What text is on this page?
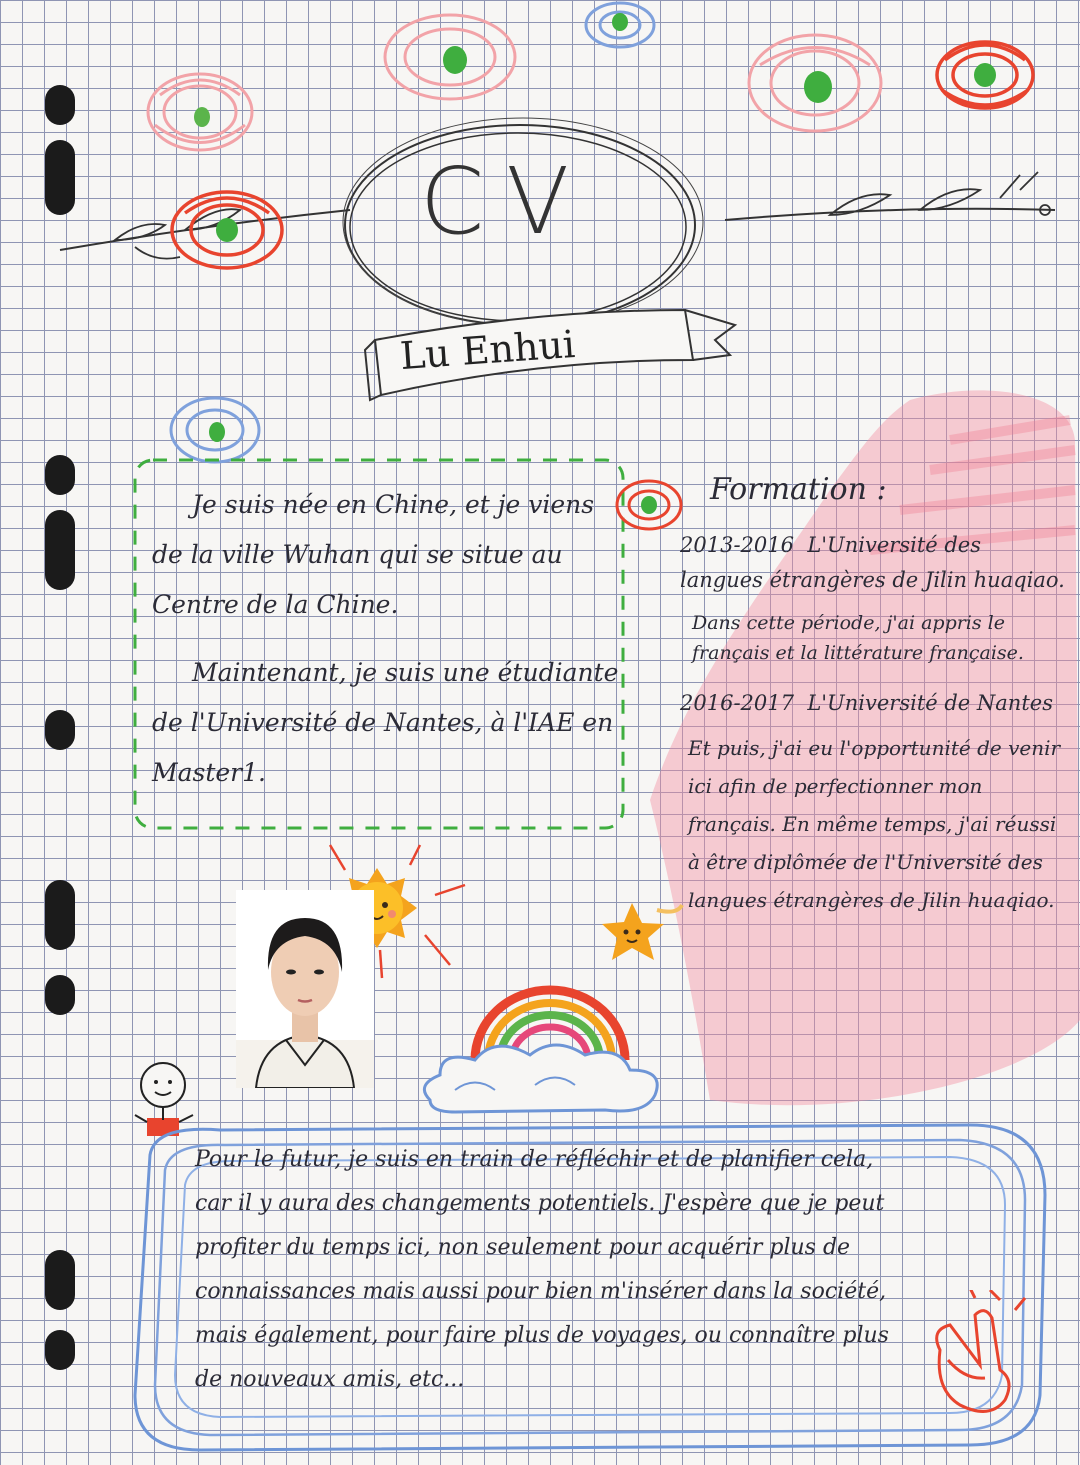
CV
Lu Enhui

Je suis née en Chine, et je viens de la ville Wuhan qui se situe au Centre de la Chine.

Maintenant, je suis une étudiante de l'Université de Nantes, à l'IAE en Master1.

Formation :

2013-2016 L'Université des langues étrangères de Jilin huaqiao.

Dans cette période, j'ai appris le français et la littérature française.

2016-2017 L'Université de Nantes

Et puis, j'ai eu l'opportunité de venir ici afin de perfectionner mon français. En même temps, j'ai réussi à être diplômée de l'Université des langues étrangères de Jilin huaqiao.

Pour le futur, je suis en train de réfléchir et de planifier cela, car il y aura des changements potentiels. J'espère que je peut profiter du temps ici, non seulement pour acquérir plus de connaissances mais aussi pour bien m'insérer dans la société, mais également, pour faire plus de voyages, ou connaître plus de nouveaux amis, etc...
